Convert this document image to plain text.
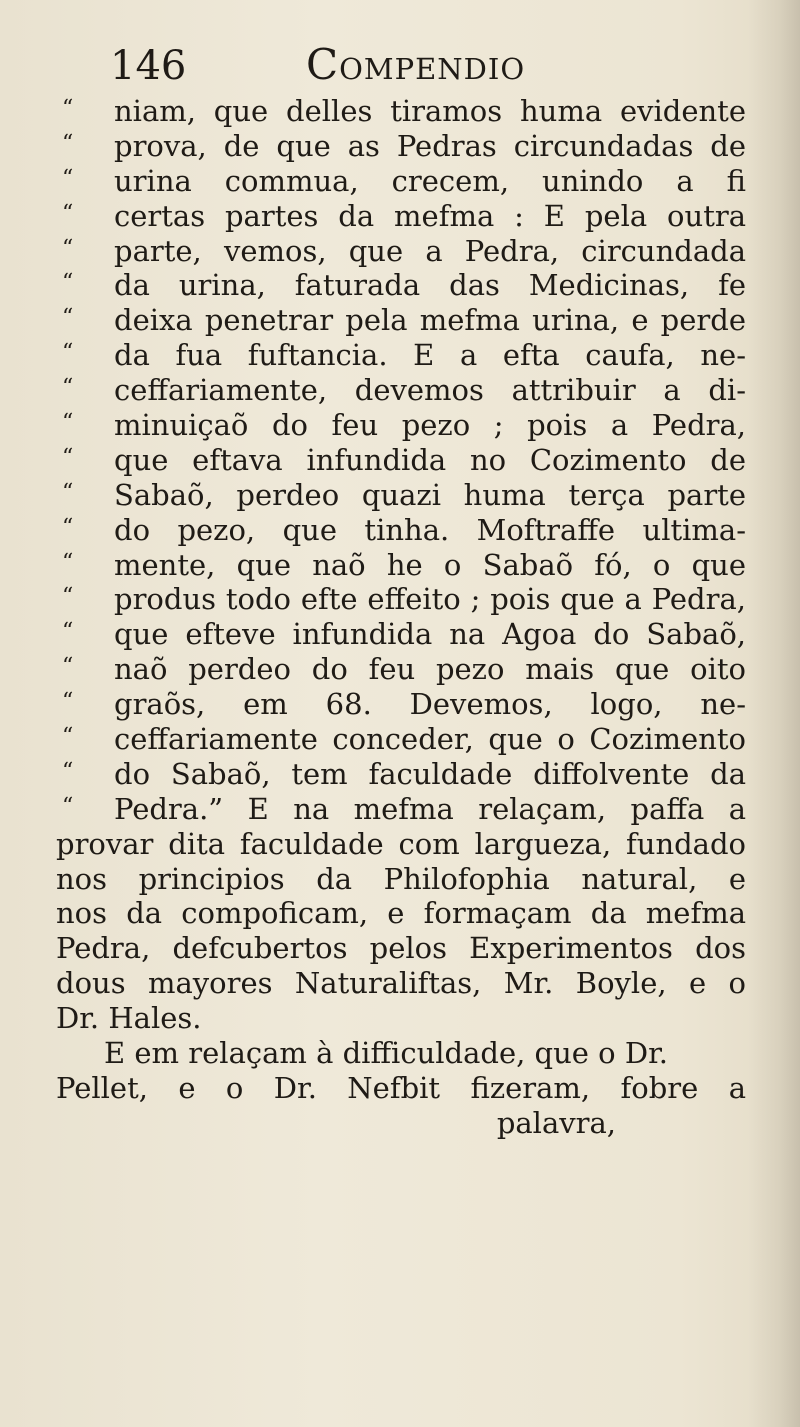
146	Compendio
“ niam, que delles tiramos huma evidente
“ prova, de que as Pedras circundadas de
“ urina commua, crecem, unindo a fi
“ certas partes da mefma : E pela outra
“ parte, vemos, que a Pedra, circundada
“ da urina, faturada das Medicinas, fe
“ deixa penetrar pela mefma urina, e perde
“ da fua fuftancia. E a efta caufa, ne-
“ ceffariamente, devemos attribuir a di-
“ minuiçaõ do feu pezo ; pois a Pedra,
“ que eftava infundida no Cozimento de
“ Sabaõ, perdeo quazi huma terça parte
“ do pezo, que tinha. Moftraffe ultima-
“ mente, que naõ he o Sabaõ fó, o que
“ produs todo efte effeito ; pois que a Pedra,
“ que efteve infundida na Agoa do Sabaõ,
“ naõ perdeo do feu pezo mais que oito
“ graõs, em 68. Devemos, logo, ne-
“ ceffariamente conceder, que o Cozimento
“ do Sabaõ, tem faculdade diffolvente da
“ Pedra.” E na mefma relaçam, paffa a
provar dita faculdade com largueza, fundado
nos principios da Philofophia natural, e
nos da compoficam, e formaçam da mefma
Pedra, defcubertos pelos Experimentos dos
dous mayores Naturaliftas, Mr. Boyle, e o
Dr. Hales.
E em relaçam à difficuldade, que o Dr.
Pellet, e o Dr. Nefbit fizeram, fobre a
palavra,
